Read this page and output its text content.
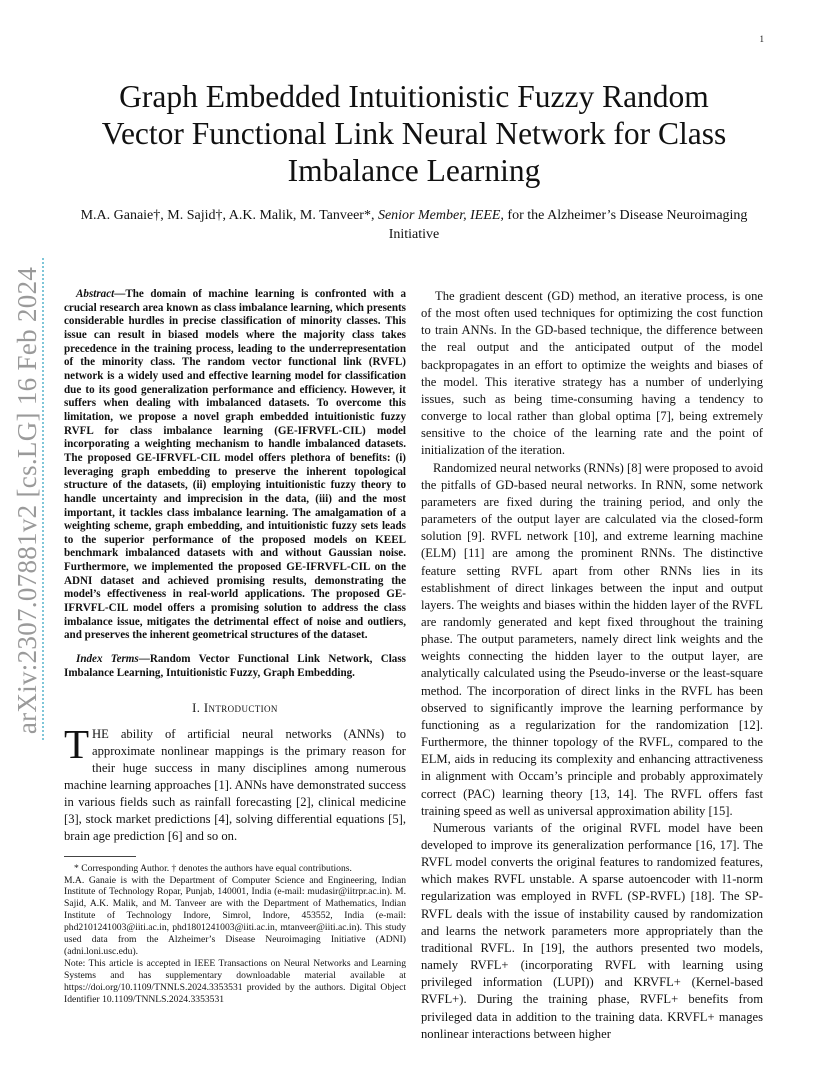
1
arXiv:2307.07881v2 [cs.LG] 16 Feb 2024
Graph Embedded Intuitionistic Fuzzy Random Vector Functional Link Neural Network for Class Imbalance Learning
M.A. Ganaie†, M. Sajid†, A.K. Malik, M. Tanveer*, Senior Member, IEEE, for the Alzheimer’s Disease Neuroimaging Initiative

Abstract—The domain of machine learning is confronted with a crucial research area known as class imbalance learning, which presents considerable hurdles in precise classification of minority classes. This issue can result in biased models where the majority class takes precedence in the training process, leading to the underrepresentation of the minority class. The random vector functional link (RVFL) network is a widely used and effective learning model for classification due to its good generalization performance and efficiency. However, it suffers when dealing with imbalanced datasets. To overcome this limitation, we propose a novel graph embedded intuitionistic fuzzy RVFL for class imbalance learning (GE-IFRVFL-CIL) model incorporating a weighting mechanism to handle imbalanced datasets. The proposed GE-IFRVFL-CIL model offers plethora of benefits: (i) leveraging graph embedding to preserve the inherent topological structure of the datasets, (ii) employing intuitionistic fuzzy theory to handle uncertainty and imprecision in the data, (iii) and the most important, it tackles class imbalance learning. The amalgamation of a weighting scheme, graph embedding, and intuitionistic fuzzy sets leads to the superior performance of the proposed models on KEEL benchmark imbalanced datasets with and without Gaussian noise. Furthermore, we implemented the proposed GE-IFRVFL-CIL on the ADNI dataset and achieved promising results, demonstrating the model’s effectiveness in real-world applications. The proposed GE-IFRVFL-CIL model offers a promising solution to address the class imbalance issue, mitigates the detrimental effect of noise and outliers, and preserves the inherent geometrical structures of the dataset.

Index Terms—Random Vector Functional Link Network, Class Imbalance Learning, Intuitionistic Fuzzy, Graph Embedding.

I. Introduction

THE ability of artificial neural networks (ANNs) to approximate nonlinear mappings is the primary reason for their huge success in many disciplines among numerous machine learning approaches [1]. ANNs have demonstrated success in various fields such as rainfall forecasting [2], clinical medicine [3], stock market predictions [4], solving differential equations [5], brain age prediction [6] and so on.

* Corresponding Author. † denotes the authors have equal contributions.

M.A. Ganaie is with the Department of Computer Science and Engineering, Indian Institute of Technology Ropar, Punjab, 140001, India (e-mail: mudasir@iitrpr.ac.in). M. Sajid, A.K. Malik, and M. Tanveer are with the Department of Mathematics, Indian Institute of Technology Indore, Simrol, Indore, 453552, India (e-mail: phd2101241003@iiti.ac.in, phd1801241003@iiti.ac.in, mtanveer@iiti.ac.in). This study used data from the Alzheimer’s Disease Neuroimaging Initiative (ADNI) (adni.loni.usc.edu).

Note: This article is accepted in IEEE Transactions on Neural Networks and Learning Systems and has supplementary downloadable material available at https://doi.org/10.1109/TNNLS.2024.3353531 provided by the authors. Digital Object Identifier 10.1109/TNNLS.2024.3353531

The gradient descent (GD) method, an iterative process, is one of the most often used techniques for optimizing the cost function to train ANNs. In the GD-based technique, the difference between the real output and the anticipated output of the model backpropagates in an effort to optimize the weights and biases of the model. This iterative strategy has a number of underlying issues, such as being time-consuming having a tendency to converge to local rather than global optima [7], being extremely sensitive to the choice of the learning rate and the point of initialization of the iteration.

Randomized neural networks (RNNs) [8] were proposed to avoid the pitfalls of GD-based neural networks. In RNN, some network parameters are fixed during the training period, and only the parameters of the output layer are calculated via the closed-form solution [9]. RVFL network [10], and extreme learning machine (ELM) [11] are among the prominent RNNs. The distinctive feature setting RVFL apart from other RNNs lies in its establishment of direct linkages between the input and output layers. The weights and biases within the hidden layer of the RVFL are randomly generated and kept fixed throughout the training phase. The output parameters, namely direct link weights and the weights connecting the hidden layer to the output layer, are analytically calculated using the Pseudo-inverse or the least-square method. The incorporation of direct links in the RVFL has been observed to significantly improve the learning performance by functioning as a regularization for the randomization [12]. Furthermore, the thinner topology of the RVFL, compared to the ELM, aids in reducing its complexity and enhancing attractiveness in alignment with Occam’s principle and probably approximately correct (PAC) learning theory [13, 14]. The RVFL offers fast training speed as well as universal approximation ability [15].

Numerous variants of the original RVFL model have been developed to improve its generalization performance [16, 17]. The RVFL model converts the original features to randomized features, which makes RVFL unstable. A sparse autoencoder with l1-norm regularization was employed in RVFL (SP-RVFL) [18]. The SP-RVFL deals with the issue of instability caused by randomization and learns the network parameters more appropriately than the traditional RVFL. In [19], the authors presented two models, namely RVFL+ (incorporating RVFL with learning using privileged information (LUPI)) and KRVFL+ (Kernel-based RVFL+). During the training phase, RVFL+ benefits from privileged data in addition to the training data. KRVFL+ manages nonlinear interactions between higher
